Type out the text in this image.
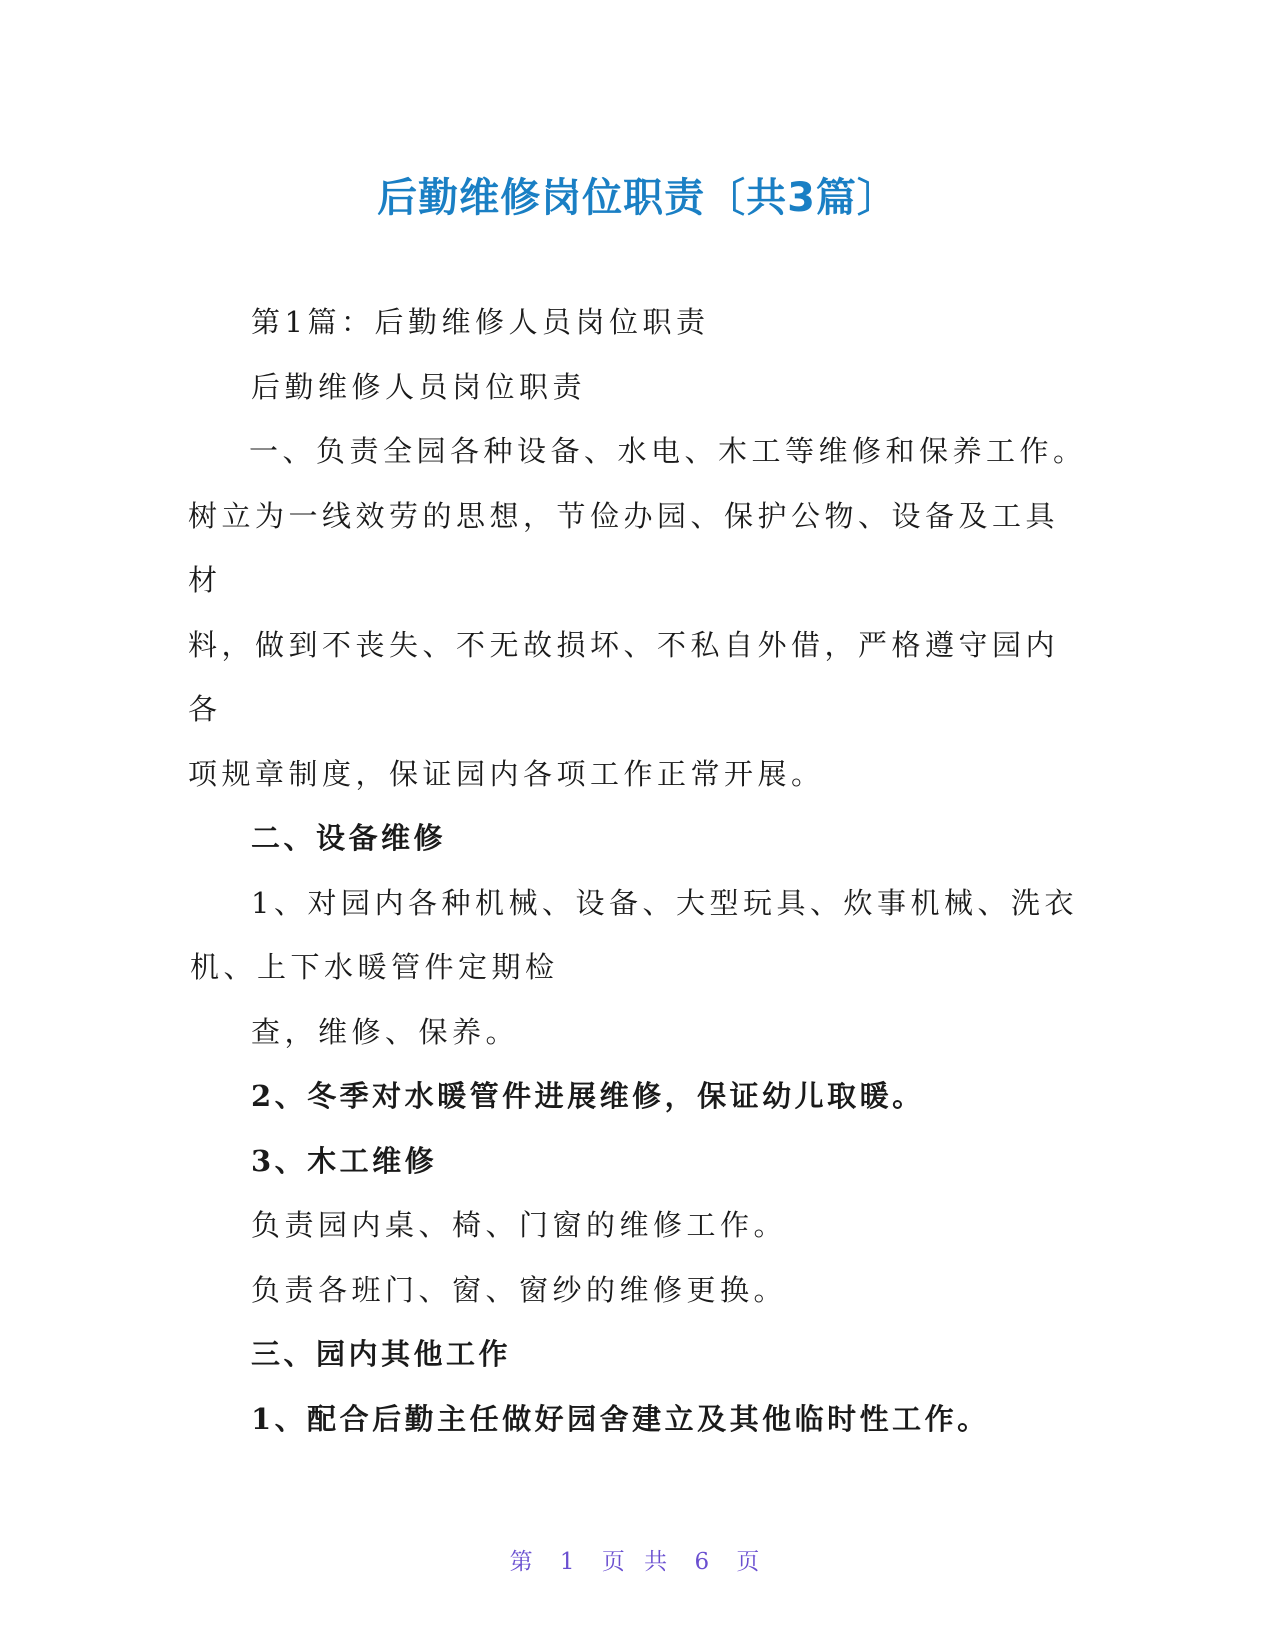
后勤维修岗位职责〔共3篇〕

第1篇：后勤维修人员岗位职责

后勤维修人员岗位职责

一、负责全园各种设备、水电、木工等维修和保养工作。
树立为一线效劳的思想，节俭办园、保护公物、设备及工具材
料，做到不丧失、不无故损坏、不私自外借，严格遵守园内各
项规章制度，保证园内各项工作正常开展。

二、设备维修

1、对园内各种机械、设备、大型玩具、炊事机械、洗衣
机、上下水暖管件定期检

查，维修、保养。

2、冬季对水暖管件进展维修，保证幼儿取暖。

3、木工维修

负责园内桌、椅、门窗的维修工作。

负责各班门、窗、窗纱的维修更换。

三、园内其他工作

1、配合后勤主任做好园舍建立及其他临时性工作。

第 1 页 共 6 页
